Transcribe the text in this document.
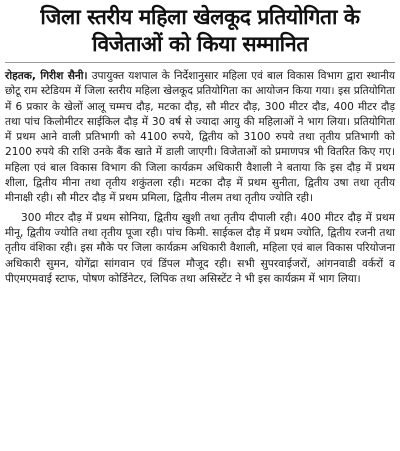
जिला स्तरीय महिला खेलकूद प्रतियोगिता के
विजेताओं को किया सम्मानित

रोहतक, गिरीश सैनी। उपायुक्त यशपाल के निर्देशानुसार महिला एवं बाल विकास विभाग द्वारा स्थानीय छोटू राम स्टेडियम में जिला स्तरीय महिला खेलकूद प्रतियोगिता का आयोजन किया गया। इस प्रतियोगिता में 6 प्रकार के खेलों आलू चम्मच दौड़, मटका दौड़, सौ मीटर दौड़, 300 मीटर दौड, 400 मीटर दौड़ तथा पांच किलोमीटर साईकिल दौड़ में 30 वर्ष से ज्यादा आयु की महिलाओं ने भाग लिया। प्रतियोगिता में प्रथम आने वाली प्रतिभागी को 4100 रुपये, द्वितीय को 3100 रुपये तथा तृतीय प्रतिभागी को 2100 रुपये की राशि उनके बैंक खाते में डाली जाएगी। विजेताओं को प्रमाणपत्र भी वितरित किए गए। महिला एवं बाल विकास विभाग की जिला कार्यक्रम अधिकारी वैशाली ने बताया कि इस दौड़ में प्रथम शीला, द्वितीय मीना तथा तृतीय शकुंतला रही। मटका दौड़ में प्रथम सुनीता, द्वितीय उषा तथा तृतीय मीनाक्षी रही। सौ मीटर दौड़ में प्रथम प्रमिला, द्वितीय नीलम तथा तृतीय ज्योति रही।

300 मीटर दौड़ में प्रथम सोनिया, द्वितीय खुशी तथा तृतीय दीपाली रही। 400 मीटर दौड़ में प्रथम मीनू, द्वितीय ज्योति तथा तृतीय पूजा रही। पांच किमी. साईकल दौड़ में प्रथम ज्योति, द्वितीय रजनी तथा तृतीय वंशिका रही। इस मौके पर जिला कार्यक्रम अधिकारी वैशाली, महिला एवं बाल विकास परियोजना अधिकारी सुमन, योगेंद्रा सांगवान एवं डिंपल मौजूद रही। सभी सुपरवाईजरों, आंगनवाडी वर्करों व पीएमएमवाई स्टाफ, पोषण कोर्डिनेटर, लिपिक तथा असिस्टेंट ने भी इस कार्यक्रम में भाग लिया।
